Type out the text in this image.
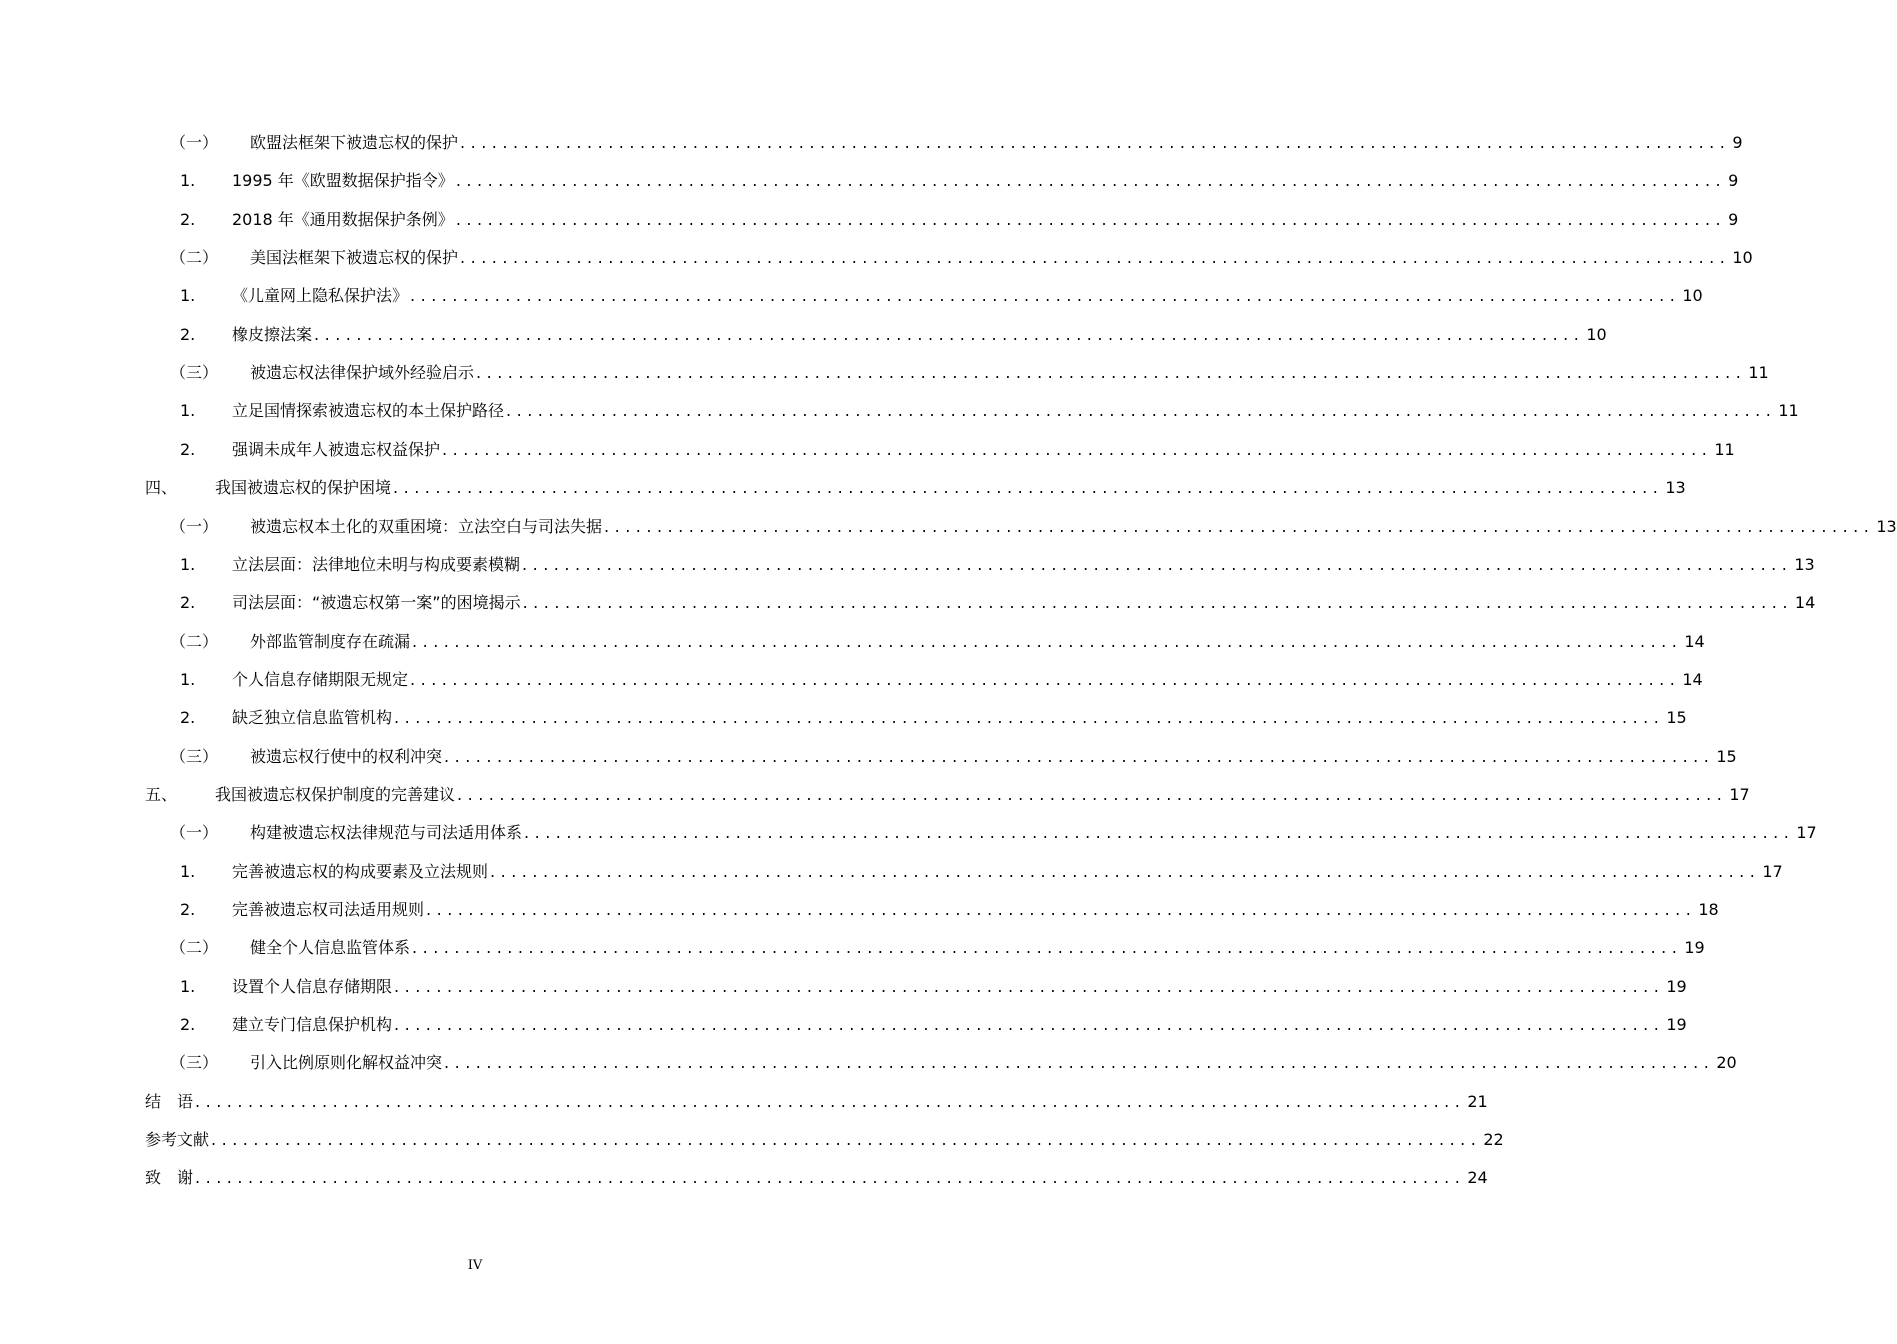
（一） 欧盟法框架下被遗忘权的保护 ........................................................................................................................ 9
1. 1995 年《欧盟数据保护指令》 ........................................................................................................................ 9
2. 2018 年《通用数据保护条例》 ........................................................................................................................ 9
（二） 美国法框架下被遗忘权的保护 ........................................................................................................................ 10
1. 《儿童网上隐私保护法》 ........................................................................................................................ 10
2. 橡皮擦法案 ........................................................................................................................ 10
（三） 被遗忘权法律保护域外经验启示 ........................................................................................................................ 11
1. 立足国情探索被遗忘权的本土保护路径 ........................................................................................................................ 11
2. 强调未成年人被遗忘权益保护 ........................................................................................................................ 11
四、 我国被遗忘权的保护困境 ........................................................................................................................ 13
（一） 被遗忘权本土化的双重困境：立法空白与司法失据 ........................................................................................................................ 13
1. 立法层面：法律地位未明与构成要素模糊 ........................................................................................................................ 13
2. 司法层面：“被遗忘权第一案”的困境揭示 ........................................................................................................................ 14
（二） 外部监管制度存在疏漏 ........................................................................................................................ 14
1. 个人信息存储期限无规定 ........................................................................................................................ 14
2. 缺乏独立信息监管机构 ........................................................................................................................ 15
（三） 被遗忘权行使中的权利冲突 ........................................................................................................................ 15
五、 我国被遗忘权保护制度的完善建议 ........................................................................................................................ 17
（一） 构建被遗忘权法律规范与司法适用体系 ........................................................................................................................ 17
1. 完善被遗忘权的构成要素及立法规则 ........................................................................................................................ 17
2. 完善被遗忘权司法适用规则 ........................................................................................................................ 18
（二） 健全个人信息监管体系 ........................................................................................................................ 19
1. 设置个人信息存储期限 ........................................................................................................................ 19
2. 建立专门信息保护机构 ........................................................................................................................ 19
（三） 引入比例原则化解权益冲突 ........................................................................................................................ 20
结　语 ........................................................................................................................ 21
参考文献 ........................................................................................................................ 22
致　谢 ........................................................................................................................ 24
IV
